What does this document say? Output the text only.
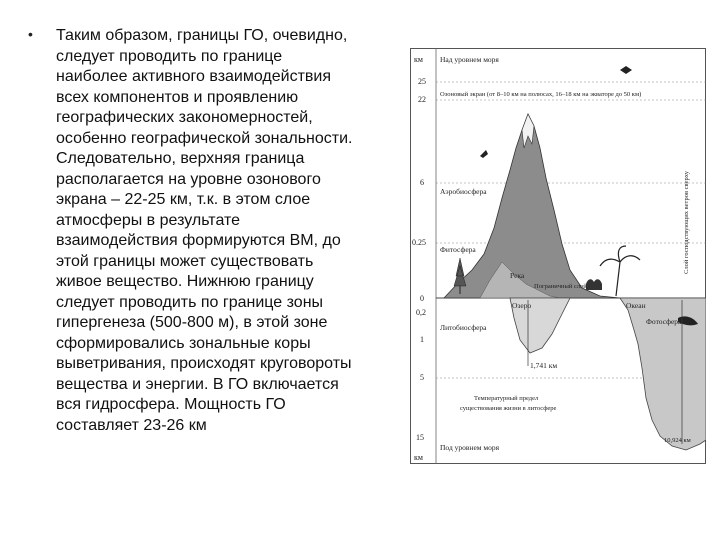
• Таким образом, границы ГО, очевидно,
следует проводить по границе
наиболее активного взаимодействия
всех компонентов и проявлению
географических закономерностей,
особенно географической зональности.
Следовательно, верхняя граница
располагается на уровне озонового
экрана – 22-25 км, т.к. в этом слое
атмосферы в результате
взаимодействия формируются ВМ, до
этой границы может существовать
живое вещество. Нижнюю границу
следует проводить по границе зоны
гипергенеза (500-800 м), в этой зоне
сформировались зональные коры
выветривания, происходят круговороты
вещества и энергии. В ГО включается
вся гидросфера. Мощность ГО
составляет 23-26 км

км
км
25
22
6
0.25
0
0,2
1
5
15
Над уровнем моря
Озоновый экран (от 8–10 км на полюсах, 16–18 км на экваторе до 50 км)
Аэробиосфера
Фитосфера
Река
Пограничный слой
Озеро	Океан
Фотосфера
Литобиосфера
1,741 км
10,924 км
Температурный предел
существования жизни в литосфере
Под уровнем моря
Слой господствующих ветров сверху
